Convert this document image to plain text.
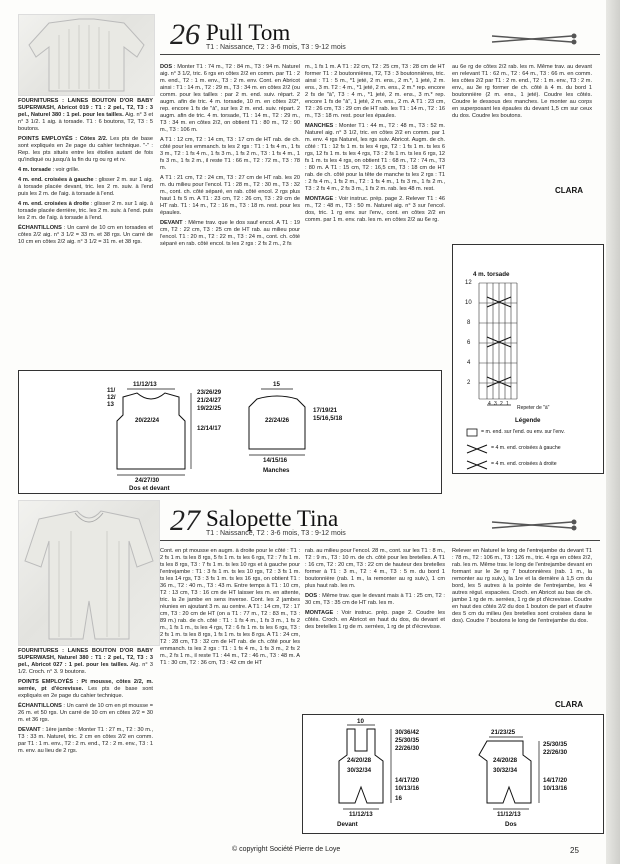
26 Pull Tom
T1 : Naissance, T2 : 3-6 mois, T3 : 9-12 mois

FOURNITURES : LAINES BOUTON D'OR BABY SUPERWASH, Abricot 019 : T1 : 2 pel., T2, T3 : 3 pel., Naturel 380 : 1 pel. pour les tailles. Aig. n° 3 et n° 3 1/2. 1 aig. à torsade. T1 : 6 boutons, T2, T3 : 5 boutons.

POINTS EMPLOYÉS : Côtes 2/2. Les pts de base sont expliqués en 2e page du cahier technique. "-" : Rep. les pts situés entre les étoiles autant de fois qu'indiqué ou jusqu'à la fin du rg ou rg et rv.

4 m. torsade : voir grille.

4 m. end. croisées à gauche : glisser 2 m. sur 1 aig. à torsade placée devant, tric. les 2 m. suiv. à l'end puis les 2 m. de l'aig. à torsade à l'end.

4 m. end. croisées à droite : glisser 2 m. sur 1 aig. à torsade placée derrière, tric. les 2 m. suiv. à l'end. puis les 2 m. de l'aig. à torsade à l'end.

ÉCHANTILLONS : Un carré de 10 cm en torsades et côtes 2/2 aig. n° 3 1/2 = 33 m. et 38 rgs. Un carré de 10 cm en côtes 2/2 aig. n° 3 1/2 = 31 m. et 38 rgs.

DOS : Monter T1 : 74 m., T2 : 84 m., T3 : 94 m. Naturel aig. n° 3 1/2, tric. 6 rgs en côtes 2/2 en comm. par T1 : 2 m. end., T2 : 1 m. env., T3 : 2 m. env. Cont. en Abricot ainsi : T1 : 14 m., T2 : 29 m., T3 : 34 m. en côtes 2/2 (ou comm. pour les tailles : par 2 m. end. suiv. répart. 2 augm. afin de tric. 4 m. torsade, 10 m. en côtes 2/2*, rep. encore 1 fs de "à", sur les 2 m. end. suiv. répart. 2 augm. afin de tric. 4 m. torsade, T1 : 14 m., T2 : 29 m., T3 : 34 m. en côtes 2/2, on obtient T1 : 80 m., T2 : 90 m., T3 : 106 m.

A T1 : 12 cm, T2 : 14 cm, T3 : 17 cm de HT rab. de ch. côté pour les emmanch. ts les 2 rgs : T1 : 1 fs 4 m., 1 fs 3 m., T2 : 1 fs 4 m., 1 fs 3 m., 1 fs 2 m., T3 : 1 fs 4 m., 1 fs 3 m., 1 fs 2 m., il reste T1 : 66 m., T2 : 72 m., T3 : 78 m.

A T1 : 21 cm, T2 : 24 cm, T3 : 27 cm de HT rab. les 20 m. du milieu pour l'encol. T1 : 28 m., T2 : 30 m., T3 : 32 m., cont. ch. côté séparé, en rab. côté encol. 2 rgs plus haut 1 fs 5 m. A T1 : 23 cm, T2 : 26 cm, T3 : 29 cm de HT rab. T1 : 14 m., T2 : 16 m., T3 : 18 m. rest. pour les épaules.

DEVANT : Même trav. que le dos sauf encol. A T1 : 19 cm, T2 : 22 cm, T3 : 25 cm de HT rab. au milieu pour l'encol. T1 : 20 m., T2 : 22 m., T3 : 24 m., cont. ch. côté séparé en rab. côté encol. ts les 2 rgs : 2 fs 2 m., 2 fs

m., 1 fs 1 m. A T1 : 22 cm, T2 : 25 cm, T3 : 28 cm de HT former T1 : 2 boutonnières, T2, T3 : 3 boutonnières, tric. ainsi : T1 : 5 m., *1 jeté, 2 m. ens., 2 m.*, 1 jeté, 2 m. ens., 3 m. T2 : 4 m., *1 jeté, 2 m. ens., 2 m.* rep. encore 2 fs de "à", T3 : 4 m., *1 jeté, 2 m. ens., 3 m.* rep. encore 1 fs de "à", 1 jeté, 2 m. ens., 2 m. A T1 : 23 cm, T2 : 26 cm, T3 : 29 cm de HT rab. les T1 : 14 m., T2 : 16 m., T3 : 18 m. rest. pour les épaules.

MANCHES : Monter T1 : 44 m., T2 : 48 m., T3 : 52 m. Naturel aig. n° 3 1/2, tric. en côtes 2/2 en comm. par 1 m. env. 4 rgs Naturel, les rgs suiv. Abricot. Augm. de ch. côté : T1 : 12 fs 1 m. ts les 4 rgs, T2 : 1 fs 1 m. ts les 6 rgs, 12 fs 1 m. ts les 4 rgs, T3 : 2 fs 1 m. ts les 6 rgs, 12 fs 1 m. ts les 4 rgs, on obtient T1 : 68 m., T2 : 74 m., T3 : 80 m. A T1 : 15 cm, T2 : 16,5 cm, T3 : 18 cm de HT rab. de ch. côté pour la tête de manche ts les 2 rgs : T1 : 2 fs 4 m., 1 fs 2 m., T2 : 1 fs 4 m., 1 fs 3 m., 1 fs 2 m., T3 : 2 fs 4 m., 2 fs 3 m., 1 fs 2 m. rab. les 48 m. rest.

MONTAGE : Voir instruc. prép. page 2. Relever T1 : 46 m., T2 : 48 m., T3 : 50 m. Naturel aig. n° 3 sur l'encol. dos, tric. 1 rg env. sur l'env., cont. en côtes 2/2 en comm. par 1 m. env. rab. les m. en côtes 2/2 au 6e rg.

au 6e rg de côtes 2/2 rab. les m. Même trav. au devant en relevant T1 : 62 m., T2 : 64 m., T3 : 66 m. en comm. les côtes 2/2 par T1 : 2 m. end., T2 : 1 m. env., T3 : 2 m. env., au 3e rg former de ch. côté à 4 m. du bord 1 boutonnière (2 m. ens., 1 jeté). Coudre les côtés. Coudre le dessous des manches. Le monter au corps en superposant les épaules du devant 1,5 cm sur ceux du dos. Coudre les boutons.

CLARA
4 m. torsade
12
10
8
6
4
2
4 3 2 1
Repeter de "à"
Légende
= m. end. sur l'end. ou env. sur l'env.
= 4 m. end. croisées à gauche
= 4 m. end. croisées à droite
11/12/13
11/ 12/ 13
23/26/29
21/24/27
19/22/25
12/14/17
20/22/24
24/27/30
Dos et devant
15
17/19/21
15/16,5/18
22/24/26
14/15/16
Manches
27 Salopette Tina
T1 : Naissance, T2 : 3-6 mois, T3 : 9-12 mois

FOURNITURES : LAINES BOUTON D'OR BABY SUPERWASH, Naturel 380 : T1 : 2 pel., T2, T3 : 3 pel., Abricot 027 : 1 pel. pour les tailles. Aig. n° 3 1/2. Croch. n° 3. 9 boutons.

POINTS EMPLOYÉS : Pt mousse, côtes 2/2, m. serrée, pt d'écrevisse. Les pts de base sont expliqués en 2e page du cahier technique.

ÉCHANTILLONS : Un carré de 10 cm en pt mousse = 26 m. et 50 rgs. Un carré de 10 cm en côtes 2/2 = 30 m. et 36 rgs.

DEVANT : 1ère jambe : Monter T1 : 27 m., T2 : 30 m., T3 : 33 m. Naturel, tric. 2 cm en côtes 2/2 en comm. par T1 : 1 m. env., T2 : 2 m. end., T2 : 2 m. env., T3 : 1 m. env. au lieu de 2 rgs.

Cont. en pt mousse en augm. à droite pour le côté : T1 : 2 fs 1 m. ts les 8 rgs, 5 fs 1 m. ts les 6 rgs, T2 : 7 fs 1 m. ts les 8 rgs, T3 : 7 fs 1 m. ts les 10 rgs et à gauche pour l'entrejambe : T1 : 3 fs 1 m. ts les 10 rgs, T2 : 3 fs 1 m. ts les 14 rgs, T3 : 3 fs 1 m. ts les 16 rgs, on obtient T1 : 36 m., T2 : 40 m., T3 : 43 m. Entre temps à T1 : 10 cm, T2 : 13 cm, T3 : 16 cm de HT laisser les m. en attente, tric. la 2e jambe en sens inverse. Cont. les 2 jambes réunies en ajoutant 3 m. au centre. A T1 : 14 cm, T2 : 17 cm, T3 : 20 cm de HT (on a T1 : 77 m., T2 : 83 m., T3 : 89 m.) rab. de ch. côté : T1 : 1 fs 4 m., 1 fs 3 m., 1 fs 2 m., 1 fs 1 m., ts les 4 rgs, T2 : 6 fs 1 m. ts les 6 rgs, T3 : 2 fs 1 m. ts les 8 rgs, 1 fs 1 m. ts les 8 rgs. A T1 : 24 cm, T2 : 28 cm, T3 : 32 cm de HT rab. de ch. côté pour les emmanch. ts les 2 rgs : T1 : 1 fs 4 m., 1 fs 3 m., 2 fs 2 m., 2 fs 1 m., il reste T1 : 44 m., T2 : 46 m., T3 : 48 m. A T1 : 30 cm, T2 : 36 cm, T3 : 42 cm de HT

rab. au milieu pour l'encol. 28 m., cont. sur les T1 : 8 m., T2 : 9 m., T3 : 10 m. de ch. côté pour les bretelles. A T1 : 16 cm, T2 : 20 cm, T3 : 22 cm de hauteur des bretelles former à T1 : 3 m., T2 : 4 m., T3 : 5 m. du bord 1 boutonnière (rab. 1 m., la remonter au rg suiv.), 1 cm plus haut rab. les m.

DOS : Même trav. que le devant mais à T1 : 25 cm, T2 : 30 cm, T3 : 35 cm de HT rab. les m.

MONTAGE : Voir instruc. prép. page 2. Coudre les côtés. Croch. en Abricot en haut du dos, du devant et des bretelles 1 rg de m. serrées, 1 rg de pt d'écrevisse.

Relever en Naturel le long de l'entrejambe du devant T1 : 78 m., T2 : 106 m., T3 : 126 m., tric. 4 rgs en côtes 2/2, rab. les m. Même trav. le long de l'entrejambe devant en formant sur le 3e rg 7 boutonnières (rab. 1 m., la remonter au rg suiv.), la 1re et la dernière à 1,5 cm du bord, les 5 autres à la pointe de l'entrejambe, les 4 autres régul. espacées. Croch. en Abricot au bas de ch. jambe 1 rg de m. serrées, 1 rg de pt d'écrevisse. Coudre en haut des côtés 2/2 du dos 1 bouton de part et d'autre des 5 cm du milieu (les bretelles sont croisées dans le dos). Coudre 7 boutons le long de l'entrejambe du dos.

CLARA
10
30/36/42
25/30/35
22/26/30
24/20/28
30/32/34
14/17/20
10/13/16
16
11/12/13
Devant
21/23/25
25/30/35
22/26/30
24/20/28
30/32/34
14/17/20
10/13/16
11/12/13
Dos
© copyright Société Pierre de Loye	25
